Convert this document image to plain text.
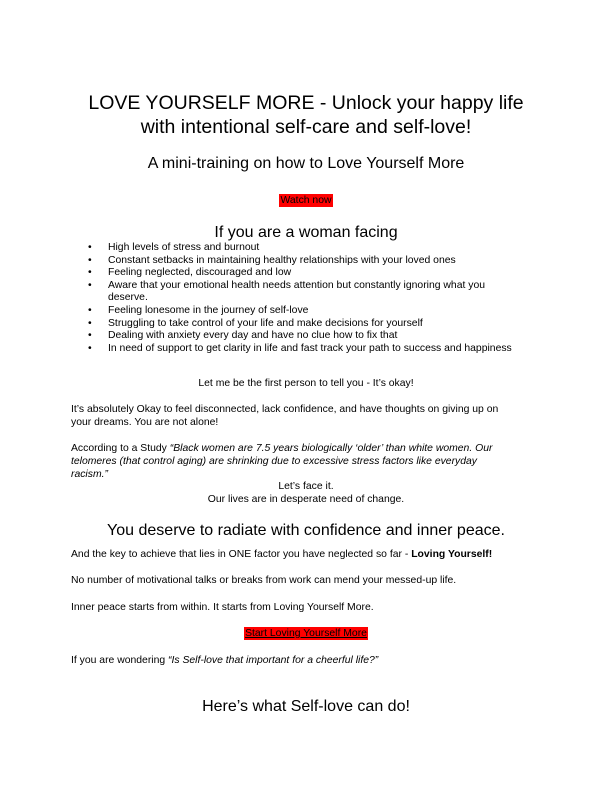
LOVE YOURSELF MORE - Unlock your happy life
with intentional self-care and self-love!
A mini-training on how to Love Yourself More
Watch now
If you are a woman facing
• High levels of stress and burnout
• Constant setbacks in maintaining healthy relationships with your loved ones
• Feeling neglected, discouraged and low
• Aware that your emotional health needs attention but constantly ignoring what you deserve.
• Feeling lonesome in the journey of self-love
• Struggling to take control of your life and make decisions for yourself
• Dealing with anxiety every day and have no clue how to fix that
• In need of support to get clarity in life and fast track your path to success and happiness
Let me be the first person to tell you - It’s okay!
It’s absolutely Okay to feel disconnected, lack confidence, and have thoughts on giving up on
your dreams. You are not alone!
According to a Study “Black women are 7.5 years biologically ‘older’ than white women. Our
telomeres (that control aging) are shrinking due to excessive stress factors like everyday
racism.”
Let’s face it.
Our lives are in desperate need of change.
You deserve to radiate with confidence and inner peace.
And the key to achieve that lies in ONE factor you have neglected so far - Loving Yourself!
No number of motivational talks or breaks from work can mend your messed-up life.
Inner peace starts from within. It starts from Loving Yourself More.
Start Loving Yourself More
If you are wondering “Is Self-love that important for a cheerful life?”
Here’s what Self-love can do!
